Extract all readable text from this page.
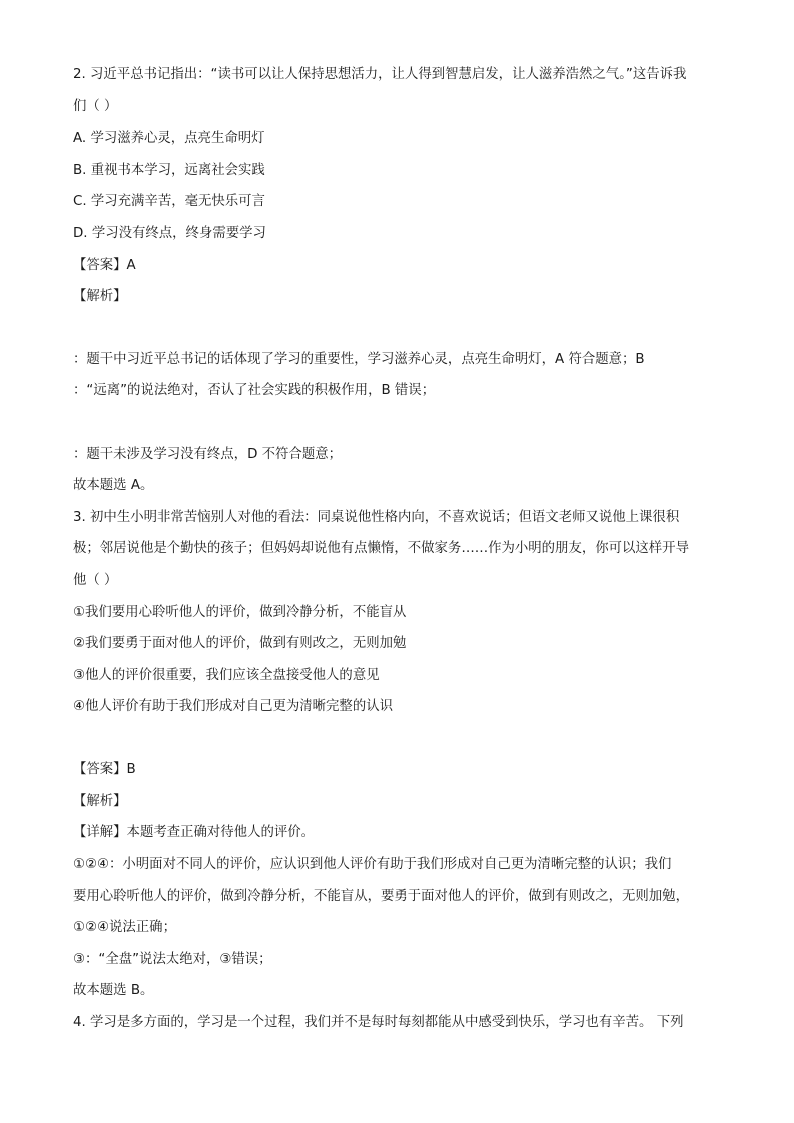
2. 习近平总书记指出：“读书可以让人保持思想活力，让人得到智慧启发，让人滋养浩然之气。”这告诉我
们（ ）
A. 学习滋养心灵，点亮生命明灯
B. 重视书本学习，远离社会实践
C. 学习充满辛苦，毫无快乐可言
D. 学习没有终点，终身需要学习
【答案】A
【解析】
：题干中习近平总书记的话体现了学习的重要性，学习滋养心灵，点亮生命明灯，A 符合题意；B
：“远离”的说法绝对，否认了社会实践的积极作用，B 错误；
：题干未涉及学习没有终点，D 不符合题意；
故本题选 A。
3. 初中生小明非常苦恼别人对他的看法：同桌说他性格内向，不喜欢说话；但语文老师又说他上课很积
极；邻居说他是个勤快的孩子；但妈妈却说他有点懒惰，不做家务……作为小明的朋友，你可以这样开导
他（ ）
①我们要用心聆听他人的评价，做到冷静分析，不能盲从
②我们要勇于面对他人的评价，做到有则改之，无则加勉
③他人的评价很重要，我们应该全盘接受他人的意见
④他人评价有助于我们形成对自己更为清晰完整的认识
【答案】B
【解析】
【详解】本题考查正确对待他人的评价。
①②④：小明面对不同人的评价，应认识到他人评价有助于我们形成对自己更为清晰完整的认识；我们
要用心聆听他人的评价，做到冷静分析，不能盲从，要勇于面对他人的评价，做到有则改之，无则加勉，
①②④说法正确；
③：“全盘”说法太绝对，③错误；
故本题选 B。
4. 学习是多方面的，学习是一个过程，我们并不是每时每刻都能从中感受到快乐，学习也有辛苦。 下列
